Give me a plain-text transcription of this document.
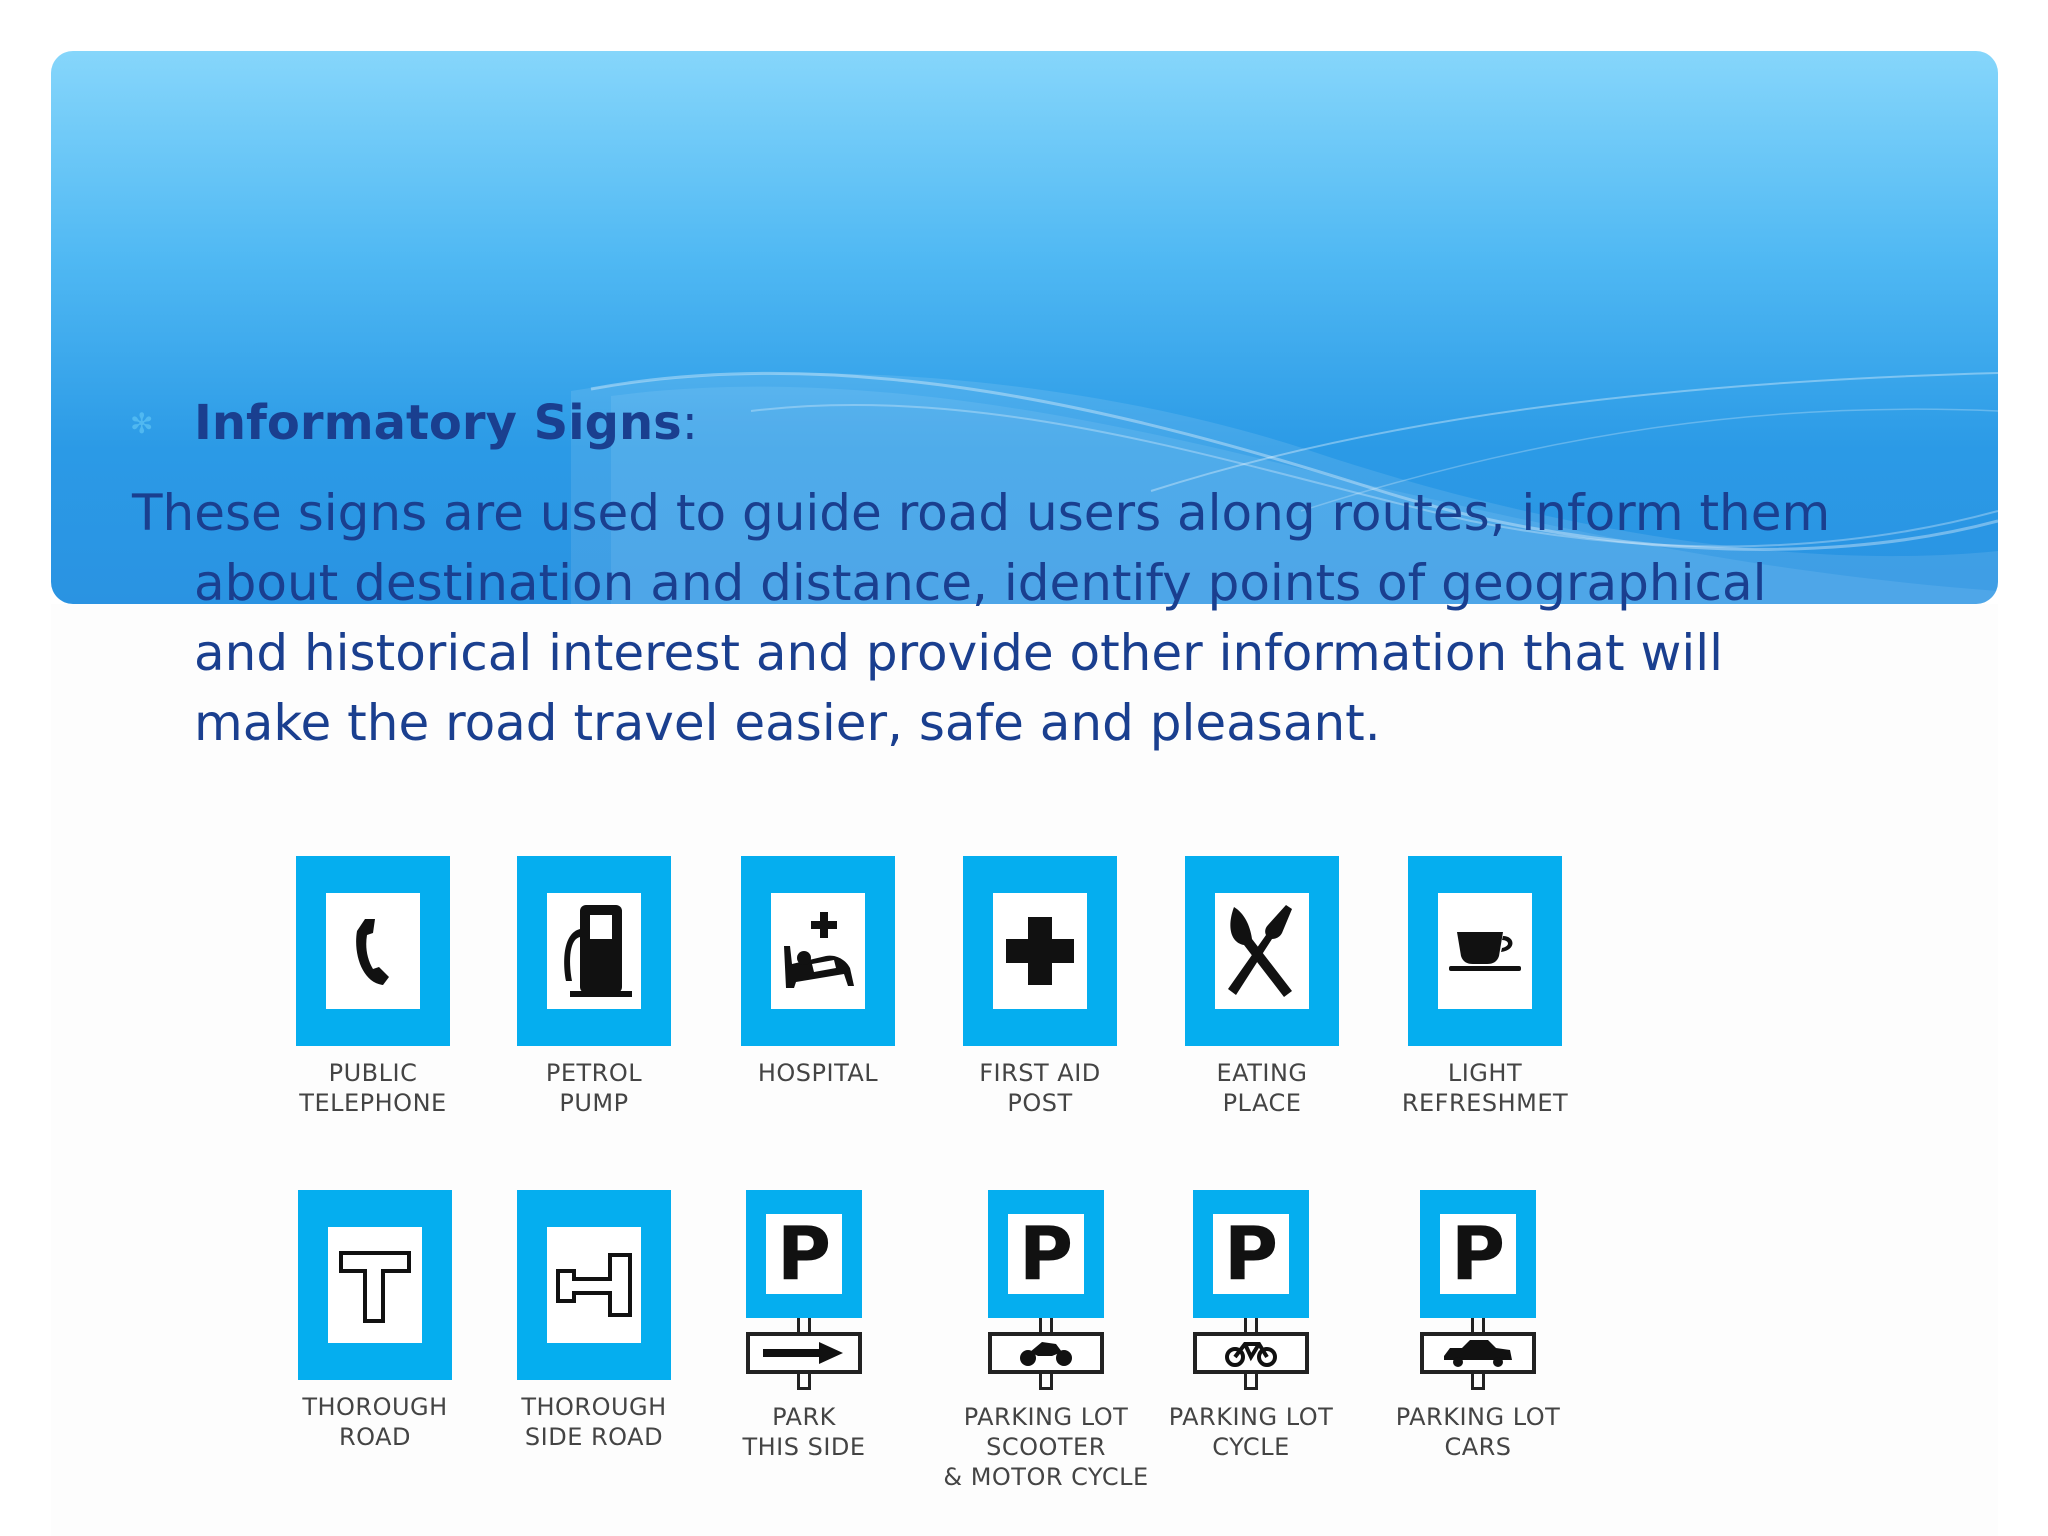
✻ Informatory Signs :
These signs are used to guide road users along routes, inform them
about destination and distance, identify points of geographical and historical interest and provide other information that will make the road travel easier, safe and pleasant.
PUBLIC
TELEPHONE
PETROL
PUMP
HOSPITAL	FIRST AID
POST
EATING
PLACE
LIGHT
REFRESHMET
THOROUGH
ROAD
THOROUGH
SIDE ROAD
P
PARK
THIS SIDE
P
PARKING LOT SCOOTER
& MOTOR CYCLE
P
PARKING LOT
CYCLE
P
PARKING LOT
CARS
